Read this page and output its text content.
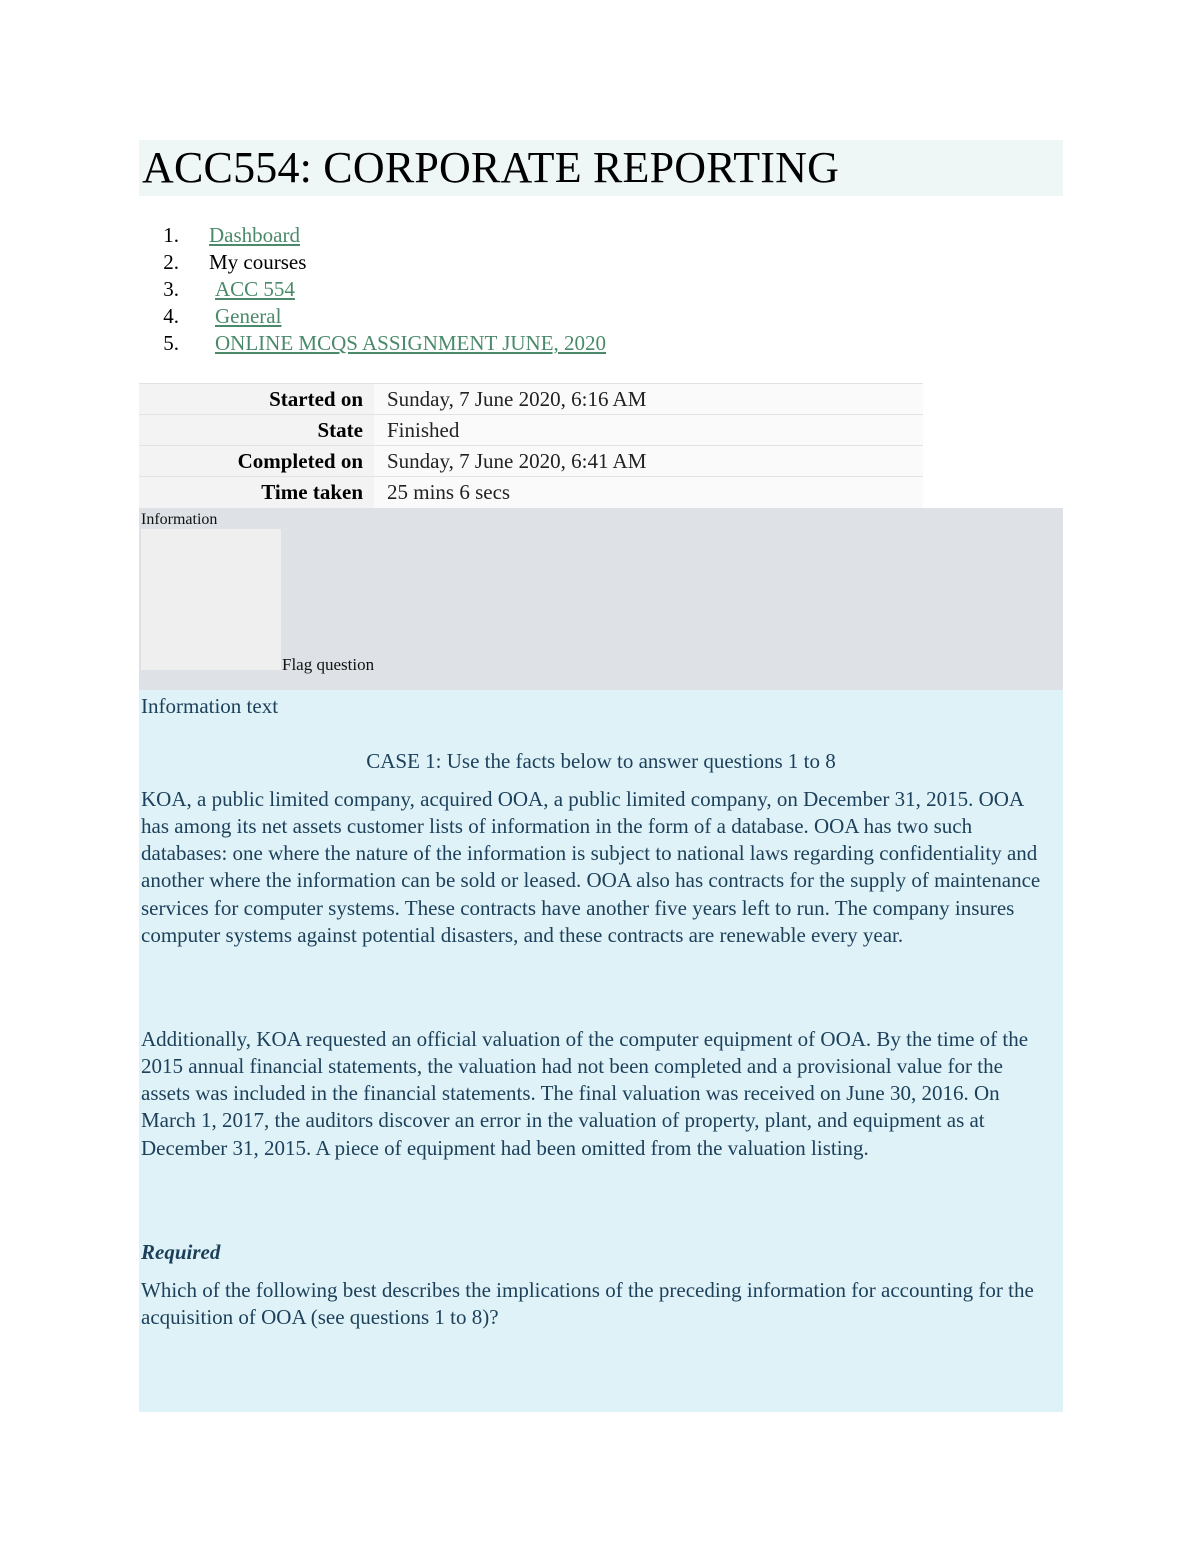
ACC554: CORPORATE REPORTING
1.	Dashboard
2.	My courses
3.	ACC 554
4.	General
5.	ONLINE MCQS ASSIGNMENT JUNE, 2020
Started on	Sunday, 7 June 2020, 6:16 AM
State	Finished
Completed on	Sunday, 7 June 2020, 6:41 AM
Time taken	25 mins 6 secs
Information
Flag question
Information text
CASE 1: Use the facts below to answer questions 1 to 8

KOA, a public limited company, acquired OOA, a public limited company, on December 31, 2015. OOA has among its net assets customer lists of information in the form of a database. OOA has two such databases: one where the nature of the information is subject to national laws regarding confidentiality and another where the information can be sold or leased. OOA also has contracts for the supply of maintenance services for computer systems. These contracts have another five years left to run. The company insures computer systems against potential disasters, and these contracts are renewable every year.

Additionally, KOA requested an official valuation of the computer equipment of OOA. By the time of the 2015 annual financial statements, the valuation had not been completed and a provisional value for the assets was included in the financial statements. The final valuation was received on June 30, 2016. On March 1, 2017, the auditors discover an error in the valuation of property, plant, and equipment as at December 31, 2015. A piece of equipment had been omitted from the valuation listing.

Required

Which of the following best describes the implications of the preceding information for accounting for the acquisition of OOA (see questions 1 to 8)?
